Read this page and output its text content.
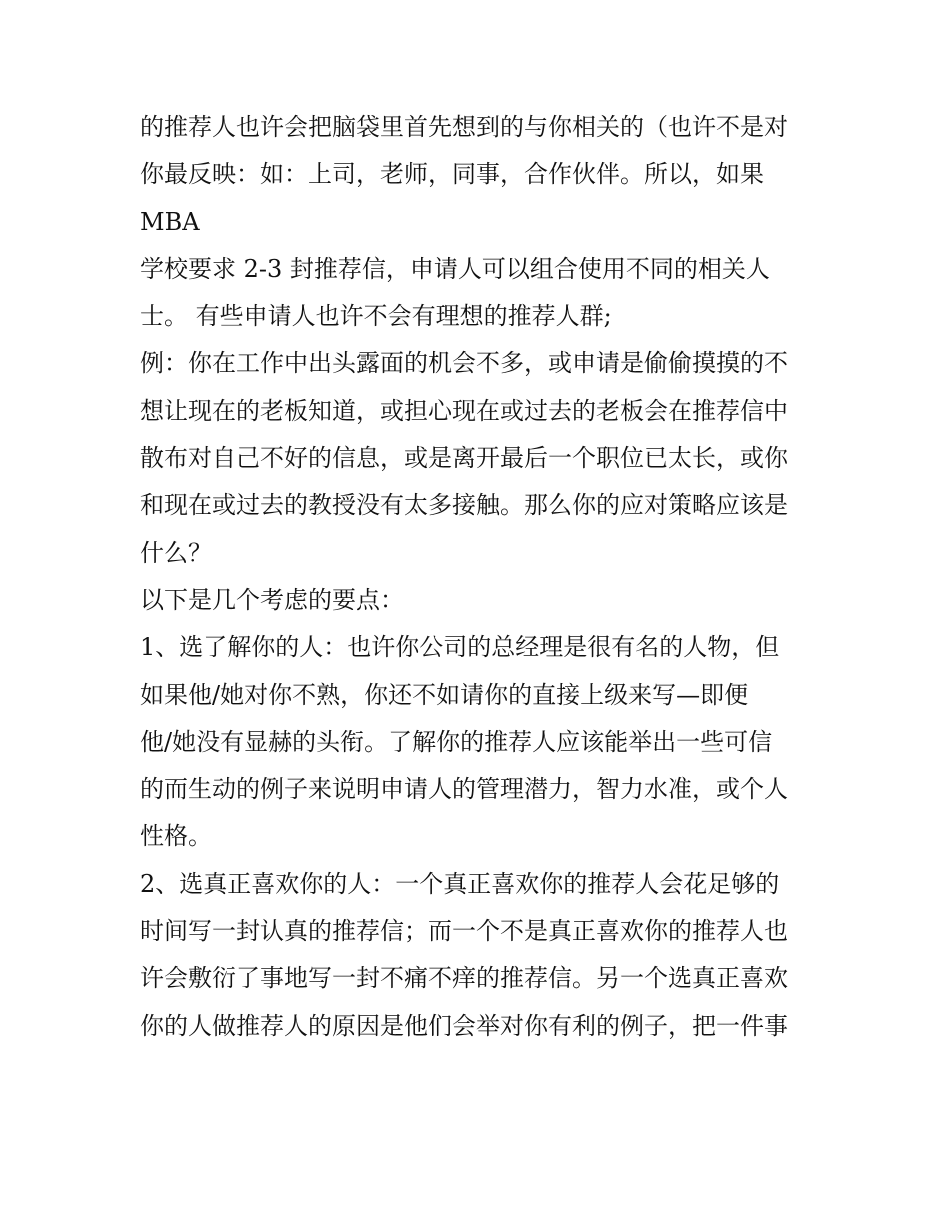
的推荐人也许会把脑袋里首先想到的与你相关的（也许不是对
你最反映：如：上司，老师，同事，合作伙伴。所以，如果
MBA
学校要求 2-3 封推荐信，申请人可以组合使用不同的相关人
士。 有些申请人也许不会有理想的推荐人群;
例：你在工作中出头露面的机会不多，或申请是偷偷摸摸的不
想让现在的老板知道，或担心现在或过去的老板会在推荐信中
散布对自己不好的信息，或是离开最后一个职位已太长，或你
和现在或过去的教授没有太多接触。那么你的应对策略应该是
什么？
以下是几个考虑的要点：
1、选了解你的人：也许你公司的总经理是很有名的人物，但
如果他/她对你不熟，你还不如请你的直接上级来写—即便
他/她没有显赫的头衔。了解你的推荐人应该能举出一些可信
的而生动的例子来说明申请人的管理潜力，智力水准，或个人
性格。
2、选真正喜欢你的人：一个真正喜欢你的推荐人会花足够的
时间写一封认真的推荐信；而一个不是真正喜欢你的推荐人也
许会敷衍了事地写一封不痛不痒的推荐信。另一个选真正喜欢
你的人做推荐人的原因是他们会举对你有利的例子，把一件事
